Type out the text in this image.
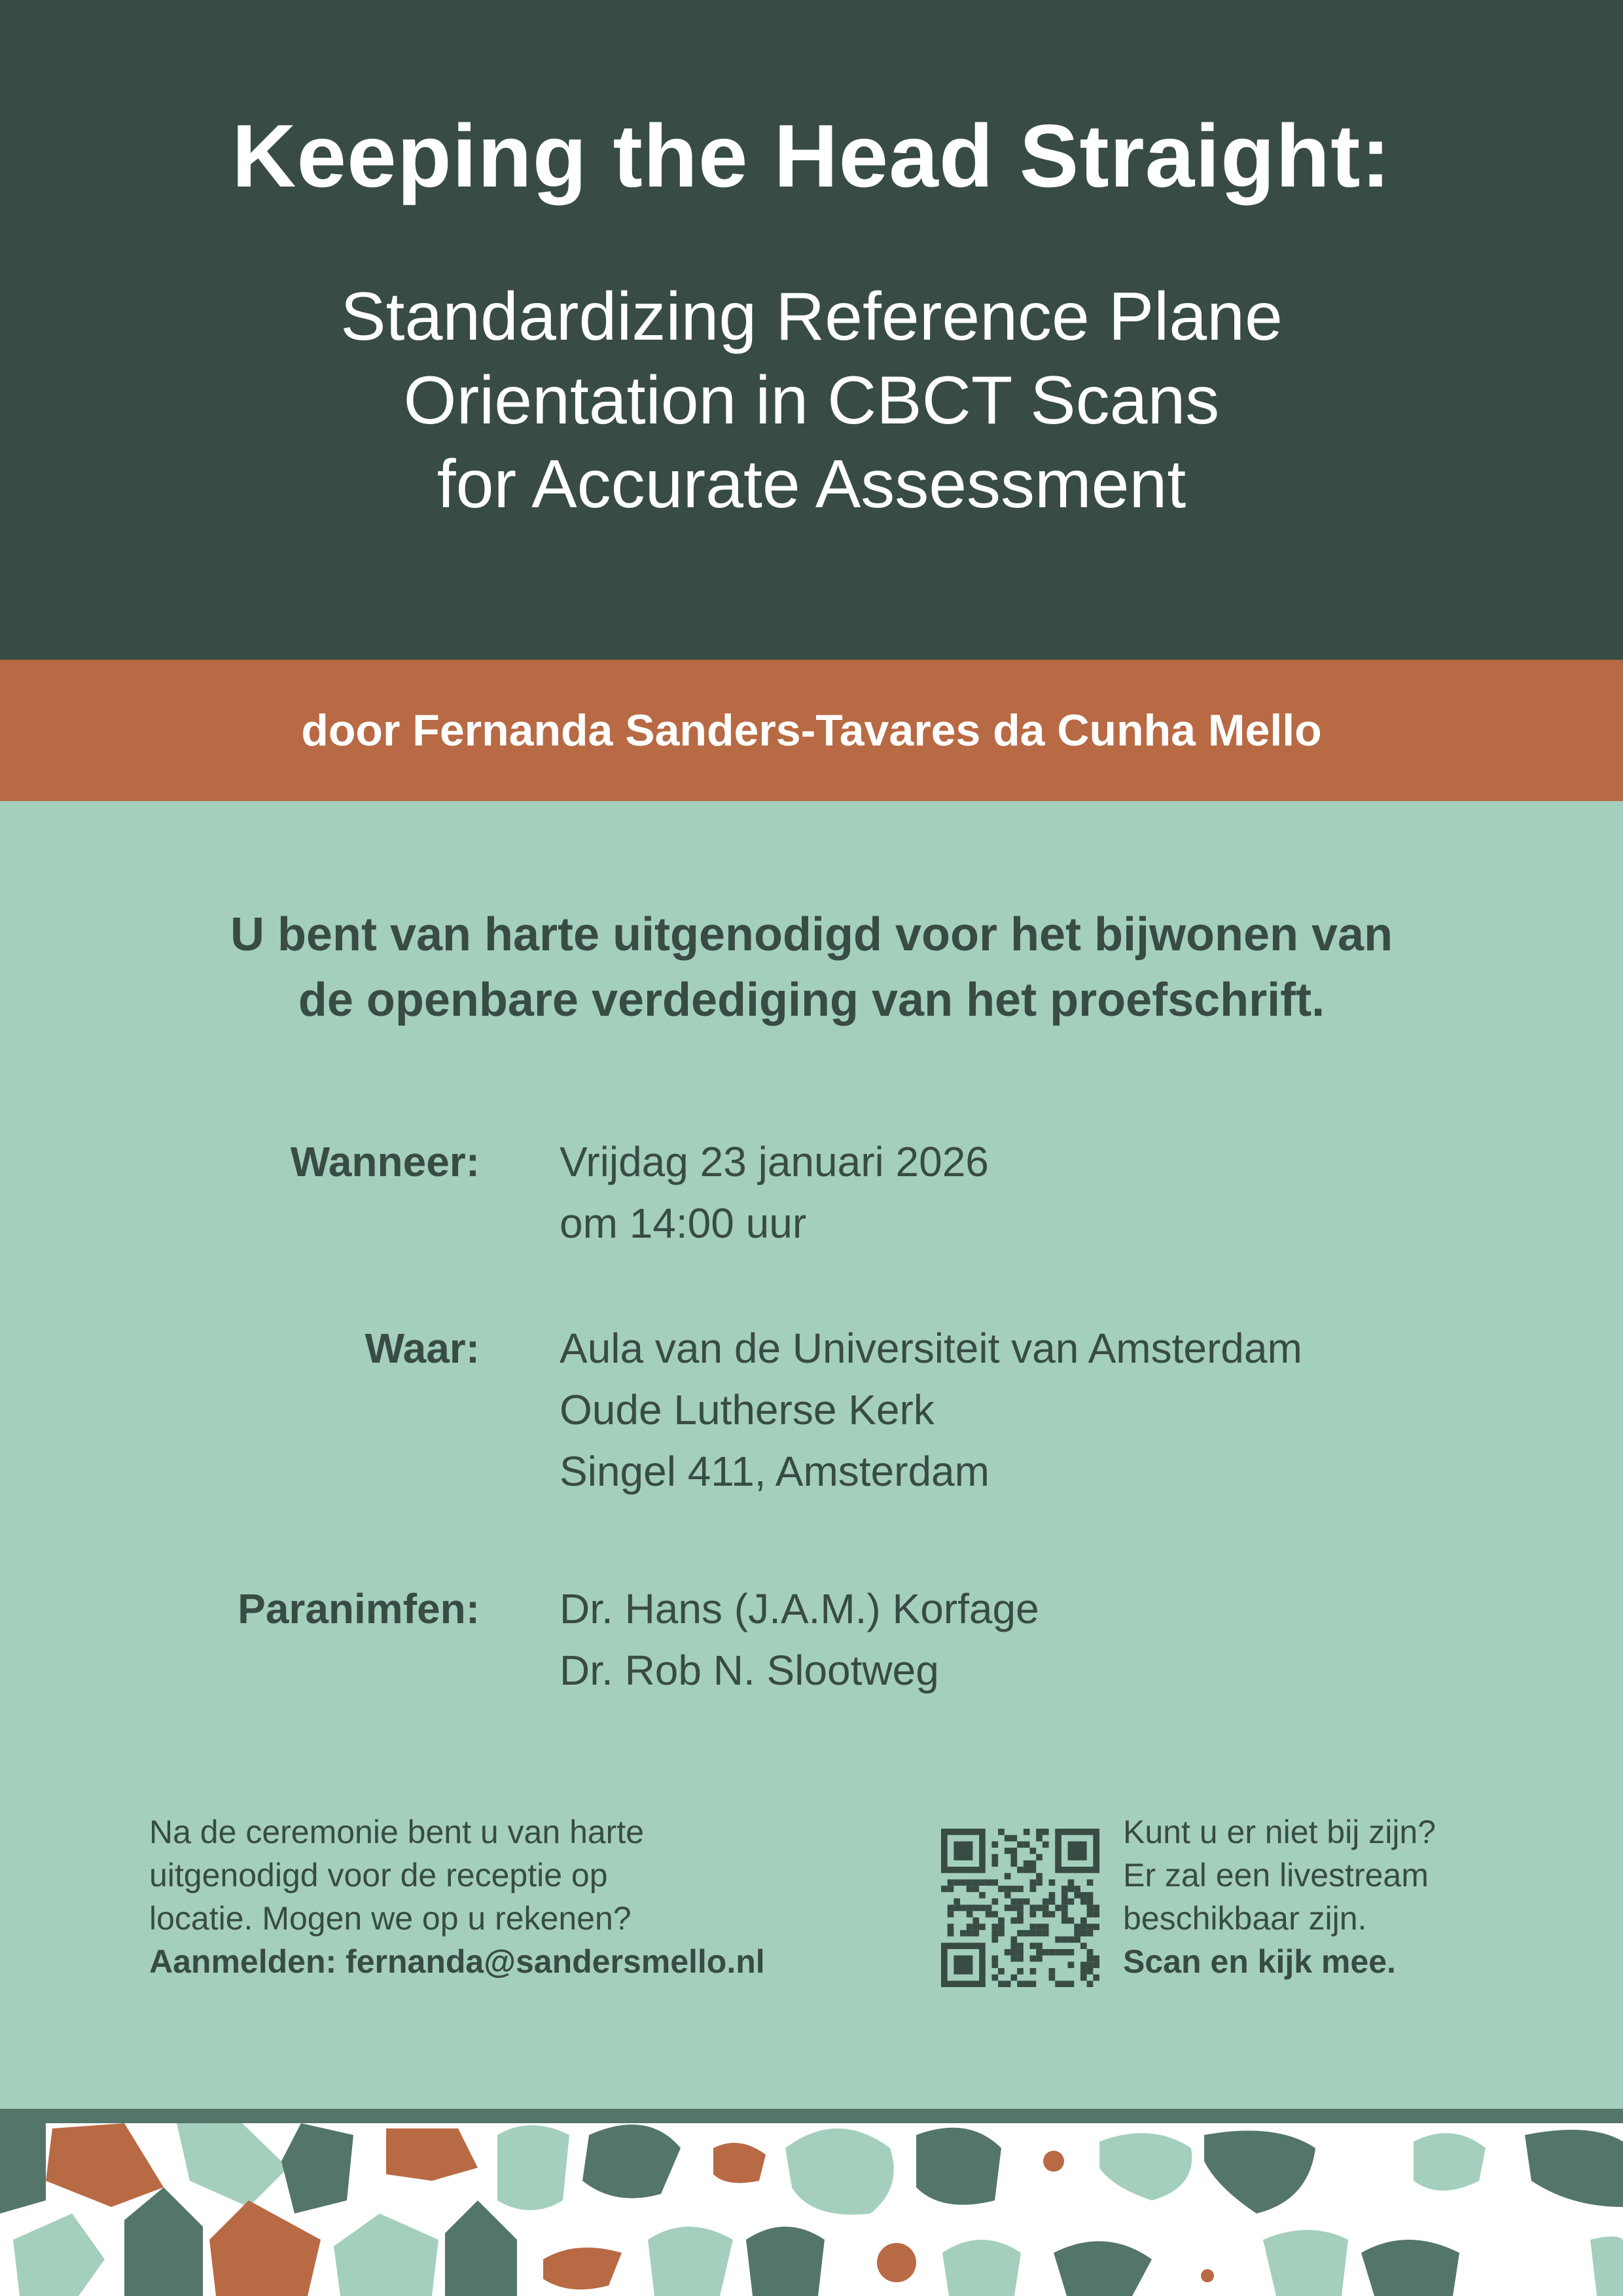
Keeping the Head Straight:
Standardizing Reference Plane
Orientation in CBCT Scans
for Accurate Assessment
door Fernanda Sanders-Tavares da Cunha Mello
U bent van harte uitgenodigd voor het bijwonen van
de openbare verdediging van het proefschrift.
Wanneer: Vrijdag 23 januari 2026
om 14:00 uur
Waar: Aula van de Universiteit van Amsterdam
Oude Lutherse Kerk
Singel 411, Amsterdam
Paranimfen: Dr. Hans (J.A.M.) Korfage
Dr. Rob N. Slootweg
Na de ceremonie bent u van harte
uitgenodigd voor de receptie op
locatie. Mogen we op u rekenen?
Aanmelden: fernanda@sandersmello.nl
Kunt u er niet bij zijn?
Er zal een livestream
beschikbaar zijn.
Scan en kijk mee.
